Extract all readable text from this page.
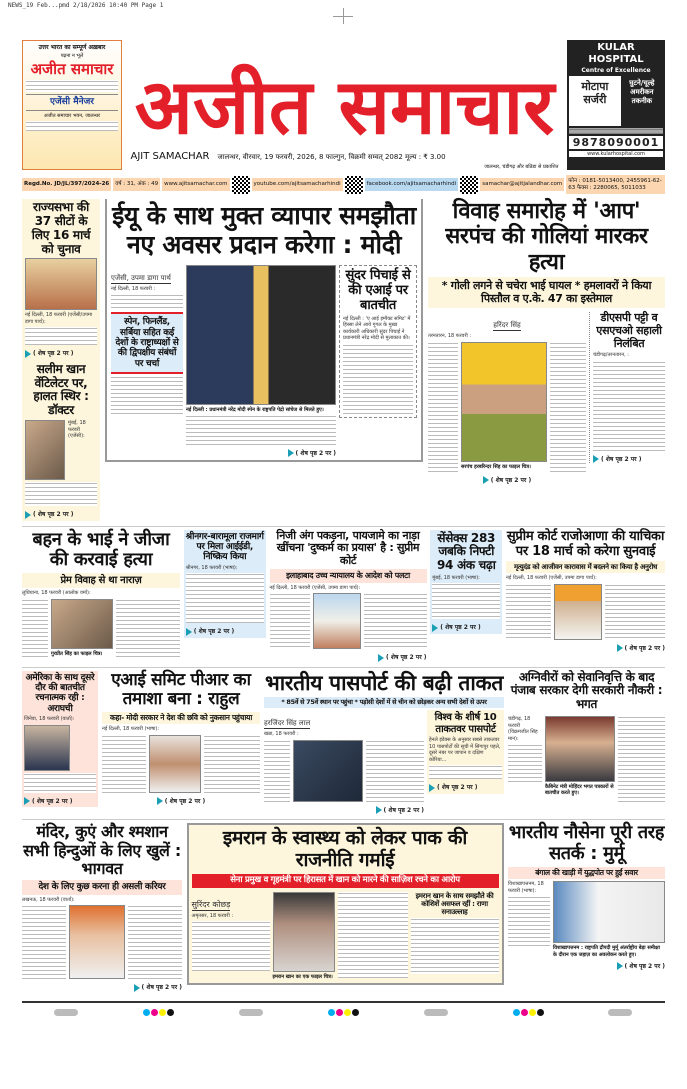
NEWS_19 Feb...pmd 2/18/2026 10:40 PM Page 1
उत्तर भारत का सम्पूर्ण अख़बार
पढ़ना न भूलें
अजीत समाचार
एजेंसी मैनेजर
अजीत समाचार भवन, जालन्धर अजीत समाचार
AJIT SAMACHAR जालन्धर, वीरवार, 19 फरवरी, 2026, 8 फाल्गुन, विक्रमी सम्वत् 2082 मूल्य : ₹ 3.00
जालन्धर, चंडीगढ़ और बठिंडा से प्रकाशित
KULAR HOSPITAL
Centre of Excellence
मोटापा सर्जरी
घुटने/चूल्हे अमरीकन तकनीक
9878090001
www.kularhospital.com
Regd.No. JD/JL/397/2024-26	वर्ष : 31, अंक : 49	www.ajitsamachar.com	youtube.com/ajitsamacharhindi	facebook.com/ajitsamacharhindi	samachar@ajitjalandhar.com
फोन : 0181-5013400, 2455961-62-63 फैक्स : 2280065, 5011033
राज्यसभा की 37 सीटों के लिए 16 मार्च को चुनाव
नई दिल्ली, 18 फरवरी (एजेंसी/उपमा डागा पार्थ):
( शेष पृष्ठ 2 पर )
सलीम खान वेंटिलेटर पर, हालत स्थिर : डॉक्टर
मुंबई, 18 फरवरी (एजेंसी):
( शेष पृष्ठ 2 पर )
ईयू के साथ मुक्त व्यापार समझौता नए अवसर प्रदान करेगा : मोदी
एजेंसी, उपमा डागा पार्थ
नई दिल्ली, 18 फरवरी :
स्पेन, फिनलैंड, सर्बिया सहित कई देशों के राष्ट्राध्यक्षों से की द्विपक्षीय संबंधों पर चर्चा
नई दिल्ली : प्रधानमंत्री नरेंद्र मोदी स्पेन के राष्ट्रपति पेद्रो सांचेज से मिलते हुए।
( शेष पृष्ठ 2 पर )
सुंदर पिचाई से की एआई पर बातचीत
नई दिल्ली : 'ए आई इम्पैक्ट समिट' में हिस्सा लेने आये गूगल के मुख्य कार्यकारी अधिकारी सुंदर पिचाई ने प्रधानमंत्री नरेंद्र मोदी से मुलाकात की।
विवाह समारोह में 'आप' सरपंच की गोलियां मारकर हत्या
* गोली लगने से चचेरा भाई घायल * हमलावरों ने किया पिस्तौल व ए.के. 47 का इस्तेमाल
हरिंदर सिंह
तरनतारन, 18 फरवरी :
सरपंच हरबरिन्दर सिंह का फाइल चित्र।
( शेष पृष्ठ 2 पर )
डीएसपी पट्टी व एसएचओ सहाली निलंबित
चंडीगढ़/तरनतारन, :
( शेष पृष्ठ 2 पर )
बहन के भाई ने जीजा की करवाई हत्या
प्रेम विवाह से था नाराज़
लुधियाना, 18 फरवरी (आलोक वर्मा):
गुरप्रीत सिंह का फाइल चित्र।
श्रीनगर-बारामूला राजमार्ग पर मिला आईईडी, निष्क्रिय किया
श्रीनगर, 18 फरवरी (भाषा):
( शेष पृष्ठ 2 पर )
निजी अंग पकड़ना, पायजामे का नाड़ा खींचना 'दुष्कर्म का प्रयास' है : सुप्रीम कोर्ट
इलाहाबाद उच्च न्यायालय के आदेश को पलटा
नई दिल्ली, 18 फरवरी (एजेंसी, उपमा डागा पार्थ):
( शेष पृष्ठ 2 पर )
सेंसेक्स 283 जबकि निफ्टी 94 अंक चढ़ा
मुंबई, 18 फरवरी (भाषा):
( शेष पृष्ठ 2 पर )
सुप्रीम कोर्ट राजोआणा की याचिका पर 18 मार्च को करेगा सुनवाई
मृत्युदंड को आजीवन कारावास में बदलने का किया है अनुरोध
नई दिल्ली, 18 फरवरी (एजेंसी, उपमा डागा पार्थ):
( शेष पृष्ठ 2 पर )
अमेरिका के साथ दूसरे दौर की बातचीत रचनात्मक रही : अराघची
जिनेवा, 18 फरवरी (वार्ता):
( शेष पृष्ठ 2 पर )
एआई समिट पीआर का तमाशा बना : राहुल
कहा- मोदी सरकार ने देश की छवि को नुकसान पहुंचाया
नई दिल्ली, 18 फरवरी (भाषा):
( शेष पृष्ठ 2 पर )
भारतीय पासपोर्ट की बढ़ी ताकत
* 85वें से 75वें स्थान पर पहुंचा * पड़ोसी देशों में से चीन को छोड़कर अन्य सभी देशों से ऊपर
हरजिंदर सिंह लाल
खन्ना, 18 फरवरी :
( शेष पृष्ठ 2 पर )
विश्व के शीर्ष 10 ताकतवर पासपोर्ट
हेनले इंडेक्स के अनुसार सबसे ताकतवर 10 पासपोर्टों की सूची में सिंगापुर पहले, दूसरे नंबर पर जापान व दक्षिण कोरिया...
( शेष पृष्ठ 2 पर )
अग्निवीरों को सेवानिवृत्ति के बाद पंजाब सरकार देगी सरकारी नौकरी : भगत
चंडीगढ़, 18 फरवरी (विक्रमजीत सिंह मान):
कैबिनेट मंत्री मोहिंदर भगत पत्रकारों से बातचीत करते हुए।
मंदिर, कुएं और श्मशान सभी हिन्दुओं के लिए खुलें : भागवत
देश के लिए कुछ करना ही असली करियर
लखनऊ, 18 फरवरी (वार्ता):
( शेष पृष्ठ 2 पर )
इमरान के स्वास्थ्य को लेकर पाक की राजनीति गर्माई
सेना प्रमुख व गृहमंत्री पर हिरासत में खान को मारने की साज़िश रचने का आरोप
सुरिंदर कोछड़
अमृतसर, 18 फरवरी :
इमरान खान का एक फाइल चित्र।
इमरान खान के साथ समझौते की कोशिशें असफल रहीं : राणा सनाउल्लाह
भारतीय नौसेना पूरी तरह सतर्क : मुर्मू
बंगाल की खाड़ी में युद्धपोत पर हुईं सवार
विशाखापत्तनम, 18 फरवरी (भाषा):
विशाखापत्तनम : राष्ट्रपति द्रौपदी मुर्मू अंतर्राष्ट्रीय बेड़ा समीक्षा के दौरान एक जहाज़ का अवलोकन करते हुए।
( शेष पृष्ठ 2 पर )
